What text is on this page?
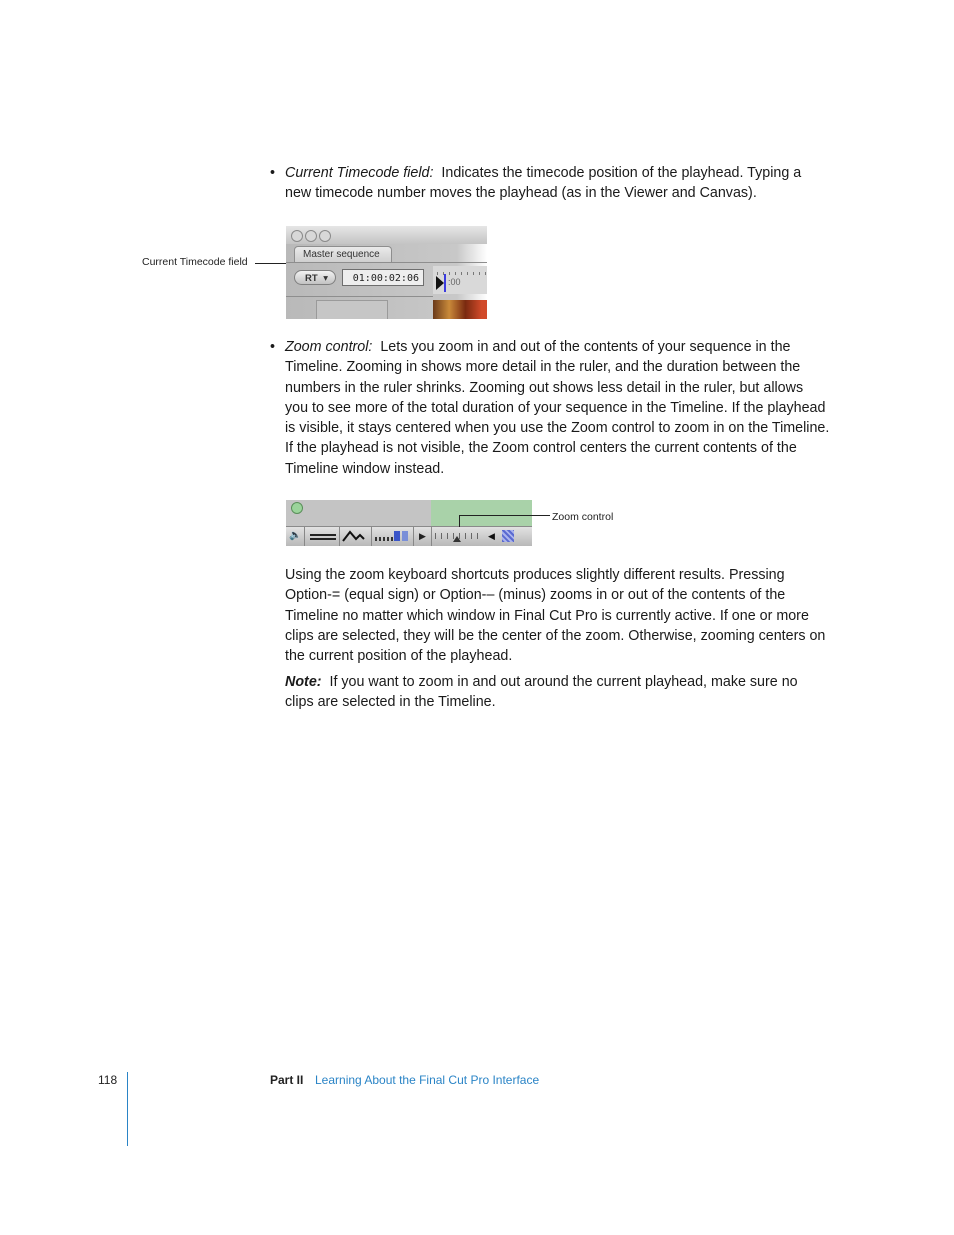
• Current Timecode field: Indicates the timecode position of the playhead. Typing a new timecode number moves the playhead (as in the Viewer and Canvas).
Current Timecode field
Master sequence
RT ▾	01:00:02:06	:00
• Zoom control: Lets you zoom in and out of the contents of your sequence in the Timeline. Zooming in shows more detail in the ruler, and the duration between the numbers in the ruler shrinks. Zooming out shows less detail in the ruler, but allows you to see more of the total duration of your sequence in the Timeline. If the playhead is visible, it stays centered when you use the Zoom control to zoom in on the Timeline. If the playhead is not visible, the Zoom control centers the current contents of the Timeline window instead.
🔈	▶	◀
Zoom control
Using the zoom keyboard shortcuts produces slightly different results. Pressing Option-= (equal sign) or Option-– (minus) zooms in or out of the contents of the Timeline no matter which window in Final Cut Pro is currently active. If one or more clips are selected, they will be the center of the zoom. Otherwise, zooming centers on the current position of the playhead.
Note: If you want to zoom in and out around the current playhead, make sure no clips are selected in the Timeline.
118	Part II Learning About the Final Cut Pro Interface
